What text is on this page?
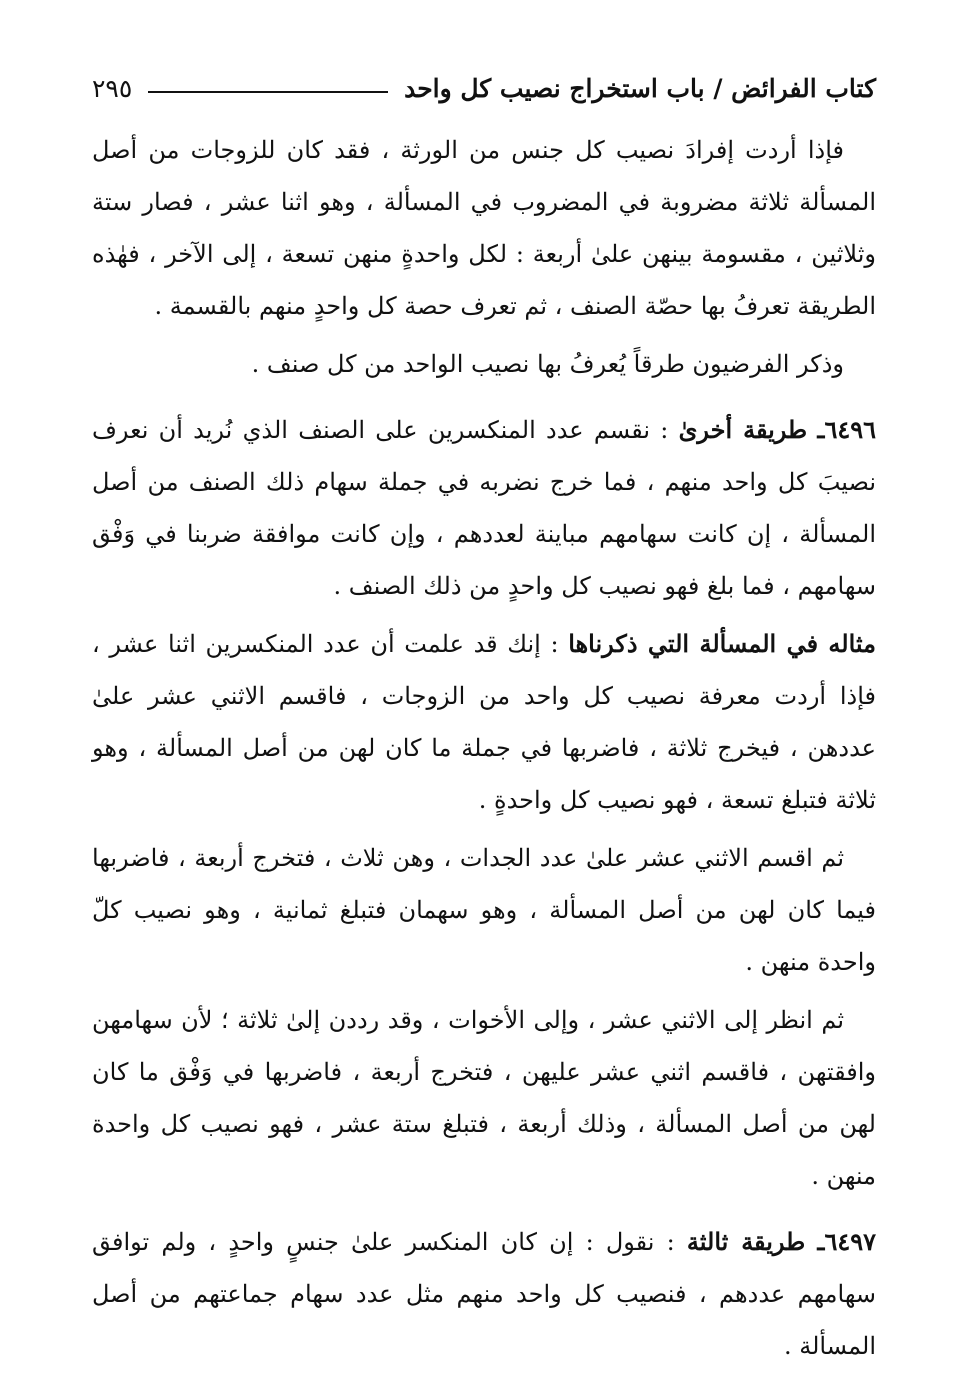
كتاب الفرائض / باب استخراج نصيب كل واحد
٢٩٥

فإذا أردت إفرادَ نصيب كل جنس من الورثة ، فقد كان للزوجات من أصل المسألة ثلاثة مضروبة في المضروب في المسألة ، وهو اثنا عشر ، فصار ستة وثلاثين ، مقسومة بينهن علىٰ أربعة : لكل واحدةٍ منهن تسعة ، إلى الآخر ، فهٰذه الطريقة تعرفُ بها حصّة الصنف ، ثم تعرف حصة كل واحدٍ منهم بالقسمة .

وذكر الفرضيون طرقاً يُعرفُ بها نصيب الواحد من كل صنف .

٦٤٩٦ـ طريقة أخرىٰ : نقسم عدد المنكسرين على الصنف الذي نُريد أن نعرف نصيبَ كل واحد منهم ، فما خرج نضربه في جملة سهام ذلك الصنف من أصل المسألة ، إن كانت سهامهم مباينة لعددهم ، وإن كانت موافقة ضربنا في وَفْق سهامهم ، فما بلغ فهو نصيب كل واحدٍ من ذلك الصنف .

مثاله في المسألة التي ذكرناها : إنك قد علمت أن عدد المنكسرين اثنا عشر ، فإذا أردت معرفة نصيب كل واحد من الزوجات ، فاقسم الاثني عشر علىٰ عددهن ، فيخرج ثلاثة ، فاضربها في جملة ما كان لهن من أصل المسألة ، وهو ثلاثة فتبلغ تسعة ، فهو نصيب كل واحدةٍ .

ثم اقسم الاثني عشر علىٰ عدد الجدات ، وهن ثلاث ، فتخرج أربعة ، فاضربها فيما كان لهن من أصل المسألة ، وهو سهمان فتبلغ ثمانية ، وهو نصيب كلّ واحدة منهن .

ثم انظر إلى الاثني عشر ، وإلى الأخوات ، وقد رددن إلىٰ ثلاثة ؛ لأن سهامهن وافقتهن ، فاقسم اثني عشر عليهن ، فتخرج أربعة ، فاضربها في وَفْق ما كان لهن من أصل المسألة ، وذلك أربعة ، فتبلغ ستة عشر ، فهو نصيب كل واحدة منهن .

٦٤٩٧ـ طريقة ثالثة : نقول : إن كان المنكسر علىٰ جنسٍ واحدٍ ، ولم توافق سهامهم عددهم ، فنصيب كل واحد منهم مثل عدد سهام جماعتهم من أصل المسألة .
